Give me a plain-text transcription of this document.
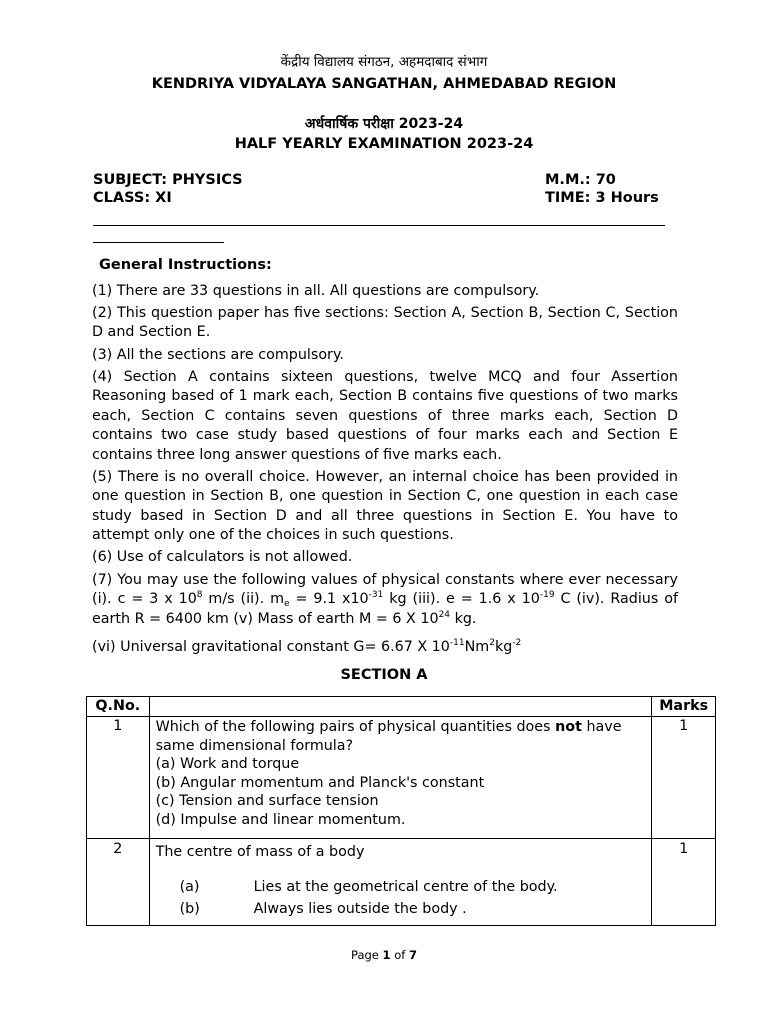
केंद्रीय विद्यालय संगठन, अहमदाबाद संभाग
KENDRIYA VIDYALAYA SANGATHAN, AHMEDABAD REGION
अर्धवार्षिक परीक्षा 2023-24
HALF YEARLY EXAMINATION 2023-24
SUBJECT: PHYSICS	M.M.: 70
CLASS: XI	TIME: 3 Hours
General Instructions:
(1) There are 33 questions in all. All questions are compulsory.
(2) This question paper has five sections: Section A, Section B, Section C, Section D and Section E.
(3) All the sections are compulsory.
(4) Section A contains sixteen questions, twelve MCQ and four Assertion Reasoning based of 1 mark each, Section B contains five questions of two marks each, Section C contains seven questions of three marks each, Section D contains two case study based questions of four marks each and Section E contains three long answer questions of five marks each.
(5) There is no overall choice. However, an internal choice has been provided in one question in Section B, one question in Section C, one question in each case study based in Section D and all three questions in Section E. You have to attempt only one of the choices in such questions.
(6) Use of calculators is not allowed.
(7) You may use the following values of physical constants where ever necessary (i). c = 3 x $10^8$ m/s (ii). $m_e = 9.1$ $x10^{-31}$ kg (iii). e = 1.6 x $10^{-19}$ C (iv). Radius of earth R = 6400 km (v) Mass of earth M = 6 X $10^{24}$ kg.
(vi) Universal gravitational constant G= 6.67 X $10^{-11}Nm^2kg^{-2}$
SECTION A
Q.No.		Marks
1	Which of the following pairs of physical quantities does not have same dimensional formula?
(a) Work and torque
(b) Angular momentum and Planck's constant
(c) Tension and surface tension
(d) Impulse and linear momentum.	1
2	The centre of mass of a body
(a) Lies at the geometrical centre of the body.
(b) Always lies outside the body .	1
Page 1 of 7
